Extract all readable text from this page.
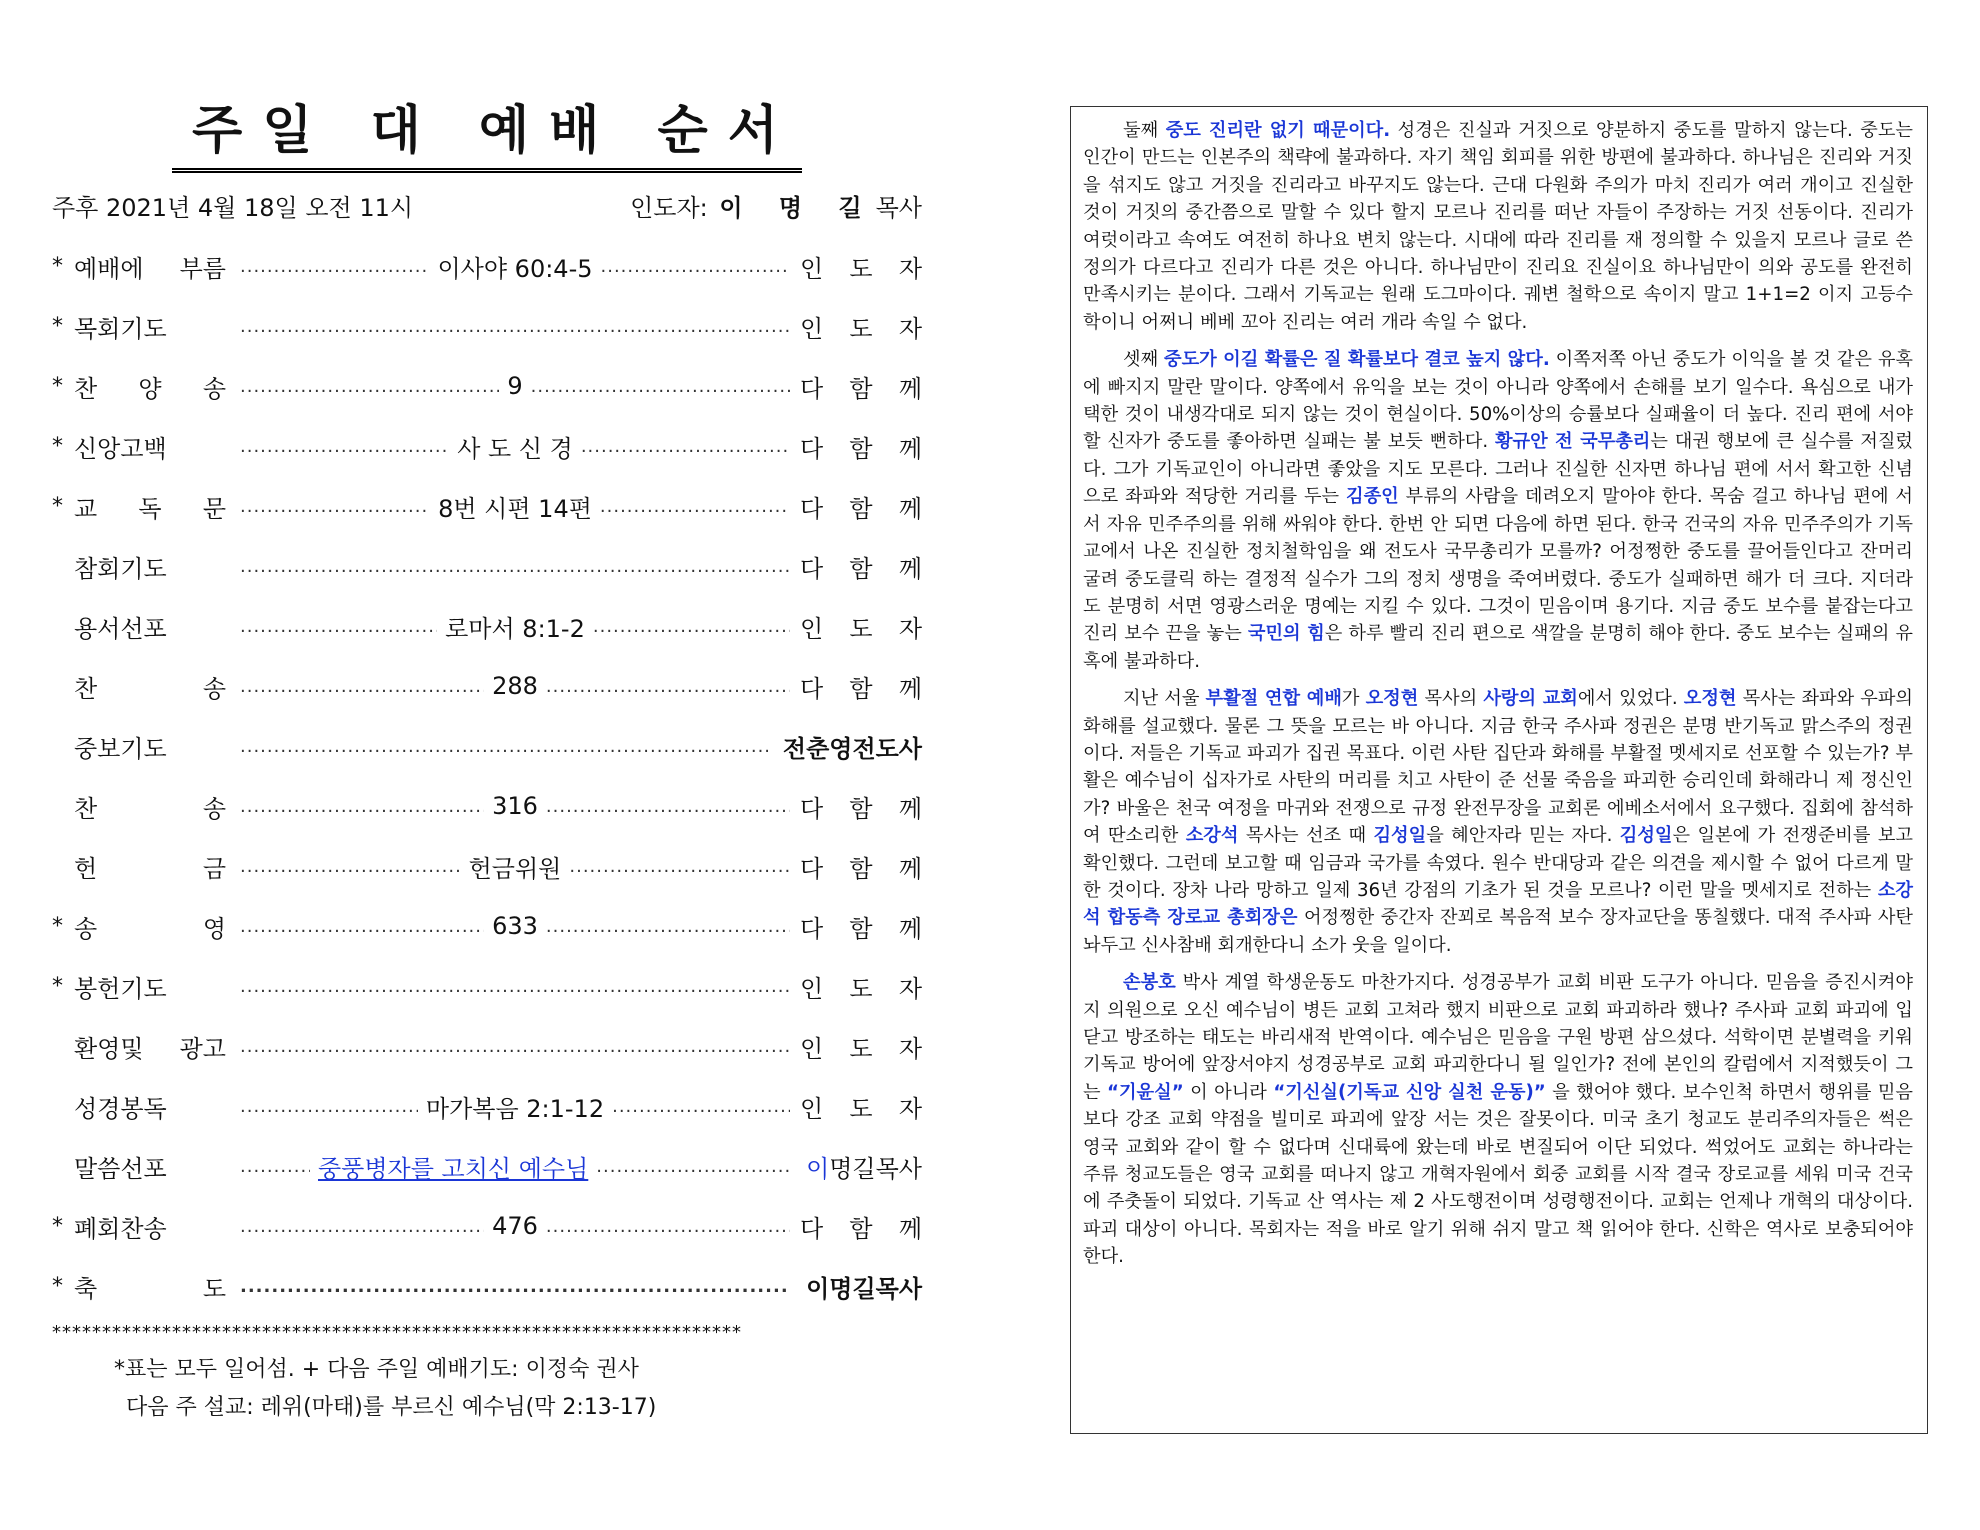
주일 대 예배 순서
주후 2021년 4월 18일 오전 11시	인도자: 이 명 길목사
* 예배에 부름 .....	이사야 60:4-5 .....	인 도 자
* 목회기도 .....	인 도 자
* 찬 양 송 .....	9 .....	다 함 께
* 신앙고백 .....	사 도 신 경 .....	다 함 께
* 교 독 문 .....	8번 시편 14편 .....	다 함 께
참회기도 .....	다 함 께
용서선포 .....	로마서 8:1-2 .....	인 도 자
찬 송 .....	288 .....	다 함 께
중보기도 .....	전춘영전도사
찬 송 .....	316 .....	다 함 께
헌 금 .....	헌금위원 .....	다 함 께
* 송 영 .....	633 .....	다 함 께
* 봉헌기도 .....	인 도 자
환영및 광고 .....	인 도 자
성경봉독 .....	마가복음 2:1-12 .....	인 도 자
말씀선포 .....	중풍병자를 고치신 예수님 .....	이명길목사
* 폐회찬송 .....	476 .....	다 함 께
* 축 도 .....	이명길목사
*********************************************************************
*표는 모두 일어섬. + 다음 주일 예배기도: 이정숙 권사
다음 주 설교: 레위(마태)를 부르신 예수님(막 2:13-17)

둘째 중도 진리란 없기 때문이다. 성경은 진실과 거짓으로 양분하지 중도를 말하지 않는다. 중도는 인간이 만드는 인본주의 책략에 불과하다. 자기 책임 회피를 위한 방편에 불과하다. 하나님은 진리와 거짓을 섞지도 않고 거짓을 진리라고 바꾸지도 않는다. 근대 다원화 주의가 마치 진리가 여러 개이고 진실한 것이 거짓의 중간쯤으로 말할 수 있다 할지 모르나 진리를 떠난 자들이 주장하는 거짓 선동이다. 진리가 여럿이라고 속여도 여전히 하나요 변치 않는다. 시대에 따라 진리를 재 정의할 수 있을지 모르나 글로 쓴 정의가 다르다고 진리가 다른 것은 아니다. 하나님만이 진리요 진실이요 하나님만이 의와 공도를 완전히 만족시키는 분이다. 그래서 기독교는 원래 도그마이다. 궤변 철학으로 속이지 말고 1+1=2 이지 고등수학이니 어쩌니 베베 꼬아 진리는 여러 개라 속일 수 없다.

셋째 중도가 이길 확률은 질 확률보다 결코 높지 않다. 이쪽저쪽 아닌 중도가 이익을 볼 것 같은 유혹에 빠지지 말란 말이다. 양쪽에서 유익을 보는 것이 아니라 양쪽에서 손해를 보기 일수다. 욕심으로 내가 택한 것이 내생각대로 되지 않는 것이 현실이다. 50%이상의 승률보다 실패율이 더 높다. 진리 편에 서야 할 신자가 중도를 좋아하면 실패는 불 보듯 뻔하다. 황규안 전 국무총리는 대권 행보에 큰 실수를 저질렀다. 그가 기독교인이 아니라면 좋았을 지도 모른다. 그러나 진실한 신자면 하나님 편에 서서 확고한 신념으로 좌파와 적당한 거리를 두는 김종인 부류의 사람을 데려오지 말아야 한다. 목숨 걸고 하나님 편에 서서 자유 민주주의를 위해 싸워야 한다. 한번 안 되면 다음에 하면 된다. 한국 건국의 자유 민주주의가 기독교에서 나온 진실한 정치철학임을 왜 전도사 국무총리가 모를까? 어정쩡한 중도를 끌어들인다고 잔머리 굴려 중도클릭 하는 결정적 실수가 그의 정치 생명을 죽여버렸다. 중도가 실패하면 해가 더 크다. 지더라도 분명히 서면 영광스러운 명예는 지킬 수 있다. 그것이 믿음이며 용기다. 지금 중도 보수를 붙잡는다고 진리 보수 끈을 놓는 국민의 힘은 하루 빨리 진리 편으로 색깔을 분명히 해야 한다. 중도 보수는 실패의 유혹에 불과하다.

지난 서울 부활절 연합 예배가 오정현 목사의 사랑의 교회에서 있었다. 오정현 목사는 좌파와 우파의 화해를 설교했다. 물론 그 뜻을 모르는 바 아니다. 지금 한국 주사파 정권은 분명 반기독교 맑스주의 정권이다. 저들은 기독교 파괴가 집권 목표다. 이런 사탄 집단과 화해를 부활절 멧세지로 선포할 수 있는가? 부활은 예수님이 십자가로 사탄의 머리를 치고 사탄이 준 선물 죽음을 파괴한 승리인데 화해라니 제 정신인가? 바울은 천국 여정을 마귀와 전쟁으로 규정 완전무장을 교회론 에베소서에서 요구했다. 집회에 참석하여 딴소리한 소강석 목사는 선조 때 김성일을 혜안자라 믿는 자다. 김성일은 일본에 가 전쟁준비를 보고 확인했다. 그런데 보고할 때 임금과 국가를 속였다. 원수 반대당과 같은 의견을 제시할 수 없어 다르게 말한 것이다. 장차 나라 망하고 일제 36년 강점의 기초가 된 것을 모르나? 이런 말을 멧세지로 전하는 소강석 합동측 장로교 총회장은 어정쩡한 중간자 잔꾀로 복음적 보수 장자교단을 똥칠했다. 대적 주사파 사탄 놔두고 신사참배 회개한다니 소가 웃을 일이다.

손봉호 박사 계열 학생운동도 마찬가지다. 성경공부가 교회 비판 도구가 아니다. 믿음을 증진시켜야지 의원으로 오신 예수님이 병든 교회 고쳐라 했지 비판으로 교회 파괴하라 했나? 주사파 교회 파괴에 입 닫고 방조하는 태도는 바리새적 반역이다. 예수님은 믿음을 구원 방편 삼으셨다. 석학이면 분별력을 키워 기독교 방어에 앞장서야지 성경공부로 교회 파괴한다니 될 일인가? 전에 본인의 칼럼에서 지적했듯이 그는 “기윤실” 이 아니라 “기신실(기독교 신앙 실천 운동)” 을 했어야 했다. 보수인척 하면서 행위를 믿음 보다 강조 교회 약점을 빌미로 파괴에 앞장 서는 것은 잘못이다. 미국 초기 청교도 분리주의자들은 썩은 영국 교회와 같이 할 수 없다며 신대륙에 왔는데 바로 변질되어 이단 되었다. 썩었어도 교회는 하나라는 주류 청교도들은 영국 교회를 떠나지 않고 개혁자원에서 회중 교회를 시작 결국 장로교를 세워 미국 건국에 주춧돌이 되었다. 기독교 산 역사는 제 2 사도행전이며 성령행전이다. 교회는 언제나 개혁의 대상이다. 파괴 대상이 아니다. 목회자는 적을 바로 알기 위해 쉬지 말고 책 읽어야 한다. 신학은 역사로 보충되어야 한다.
